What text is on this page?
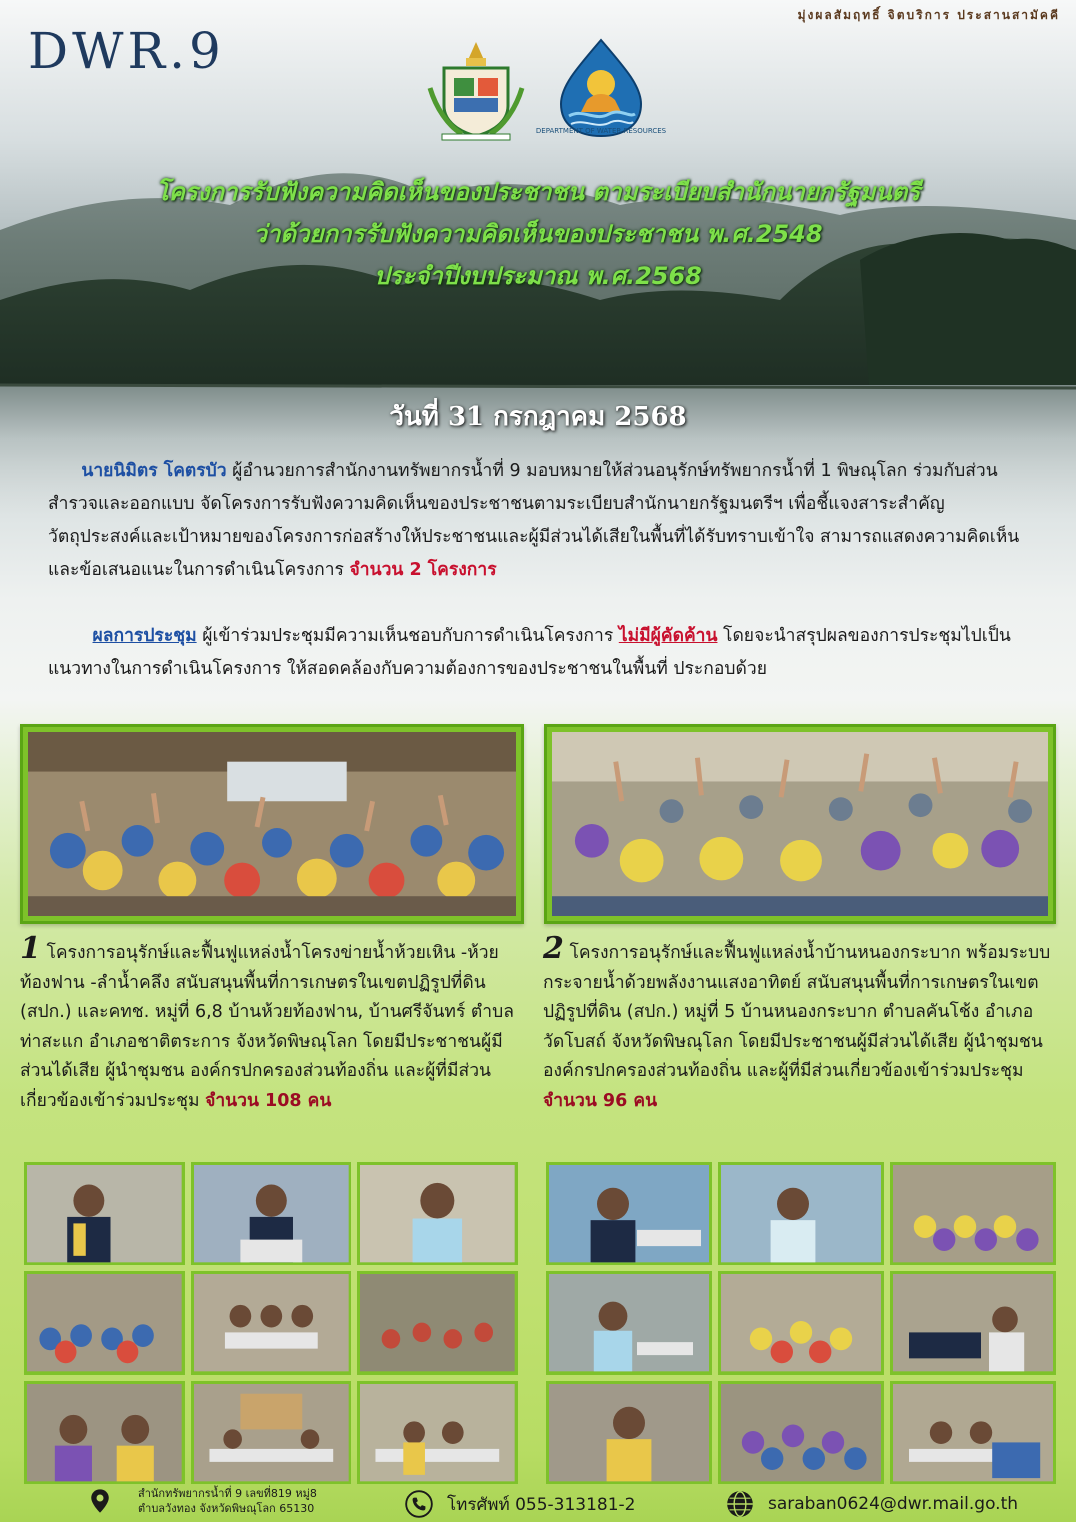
มุ่งผลสัมฤทธิ์ จิตบริการ ประสานสามัคคี
DWR.9
DEPARTMENT OF WATER RESOURCES
โครงการรับฟังความคิดเห็นของประชาชน ตามระเบียบสำนักนายกรัฐมนตรี
ว่าด้วยการรับฟังความคิดเห็นของประชาชน พ.ศ.2548
ประจำปีงบประมาณ พ.ศ.2568
วันที่ 31 กรกฎาคม 2568
นายนิมิตร โคตรบัว ผู้อำนวยการสำนักงานทรัพยากรน้ำที่ 9 มอบหมายให้ส่วนอนุรักษ์ทรัพยากรน้ำที่ 1 พิษณุโลก ร่วมกับส่วนสำรวจและออกแบบ จัดโครงการรับฟังความคิดเห็นของประชาชนตามระเบียบสำนักนายกรัฐมนตรีฯ เพื่อชี้แจงสาระสำคัญ วัตถุประสงค์และเป้าหมายของโครงการก่อสร้างให้ประชาชนและผู้มีส่วนได้เสียในพื้นที่ได้รับทราบเข้าใจ สามารถแสดงความคิดเห็นและข้อเสนอแนะในการดำเนินโครงการ จำนวน 2 โครงการ
ผลการประชุม ผู้เข้าร่วมประชุมมีความเห็นชอบกับการดำเนินโครงการ ไม่มีผู้คัดค้าน โดยจะนำสรุปผลของการประชุมไปเป็นแนวทางในการดำเนินโครงการ ให้สอดคล้องกับความต้องการของประชาชนในพื้นที่ ประกอบด้วย
1 โครงการอนุรักษ์และฟื้นฟูแหล่งน้ำโครงข่ายน้ำห้วยเหิน -ห้วยท้องฟาน -ลำน้ำคลึง สนับสนุนพื้นที่การเกษตรในเขตปฏิรูปที่ดิน (สปก.) และคทช. หมู่ที่ 6,8 บ้านห้วยท้องฟาน, บ้านศรีจันทร์ ตำบลท่าสะแก อำเภอชาติตระการ จังหวัดพิษณุโลก โดยมีประชาชนผู้มีส่วนได้เสีย ผู้นำชุมชน องค์กรปกครองส่วนท้องถิ่น และผู้ที่มีส่วนเกี่ยวข้องเข้าร่วมประชุม จำนวน 108 คน
2 โครงการอนุรักษ์และฟื้นฟูแหล่งน้ำบ้านหนองกระบาก พร้อมระบบกระจายน้ำด้วยพลังงานแสงอาทิตย์ สนับสนุนพื้นที่การเกษตรในเขตปฏิรูปที่ดิน (สปก.) หมู่ที่ 5 บ้านหนองกระบาก ตำบลคันโช้ง อำเภอวัดโบสถ์ จังหวัดพิษณุโลก โดยมีประชาชนผู้มีส่วนได้เสีย ผู้นำชุมชน องค์กรปกครองส่วนท้องถิ่น และผู้ที่มีส่วนเกี่ยวข้องเข้าร่วมประชุม จำนวน 96 คน
สำนักทรัพยากรน้ำที่ 9 เลขที่819 หมู่8
ตำบลวังทอง จังหวัดพิษณุโลก 65130	โทรศัพท์ 055-313181-2	saraban0624@dwr.mail.go.th
